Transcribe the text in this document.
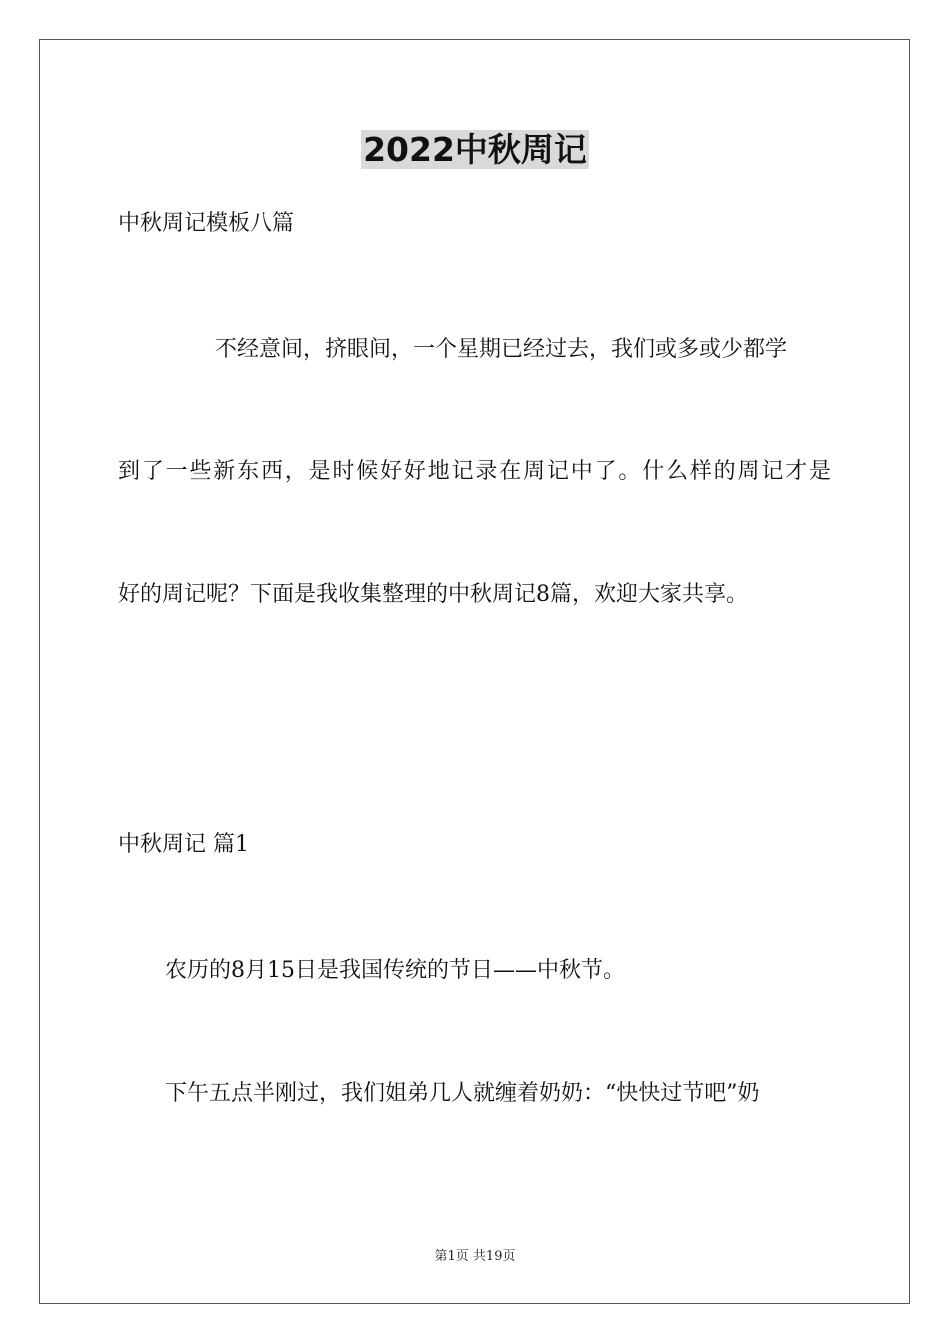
2022中秋周记
中秋周记模板八篇
不经意间，挤眼间，一个星期已经过去，我们或多或少都学
到了一些新东西，是时候好好地记录在周记中了。什么样的周记才是
好的周记呢？下面是我收集整理的中秋周记8篇，欢迎大家共享。
中秋周记 篇1
农历的8月15日是我国传统的节日——中秋节。
下午五点半刚过，我们姐弟几人就缠着奶奶：“快快过节吧”奶
第1页 共19页
